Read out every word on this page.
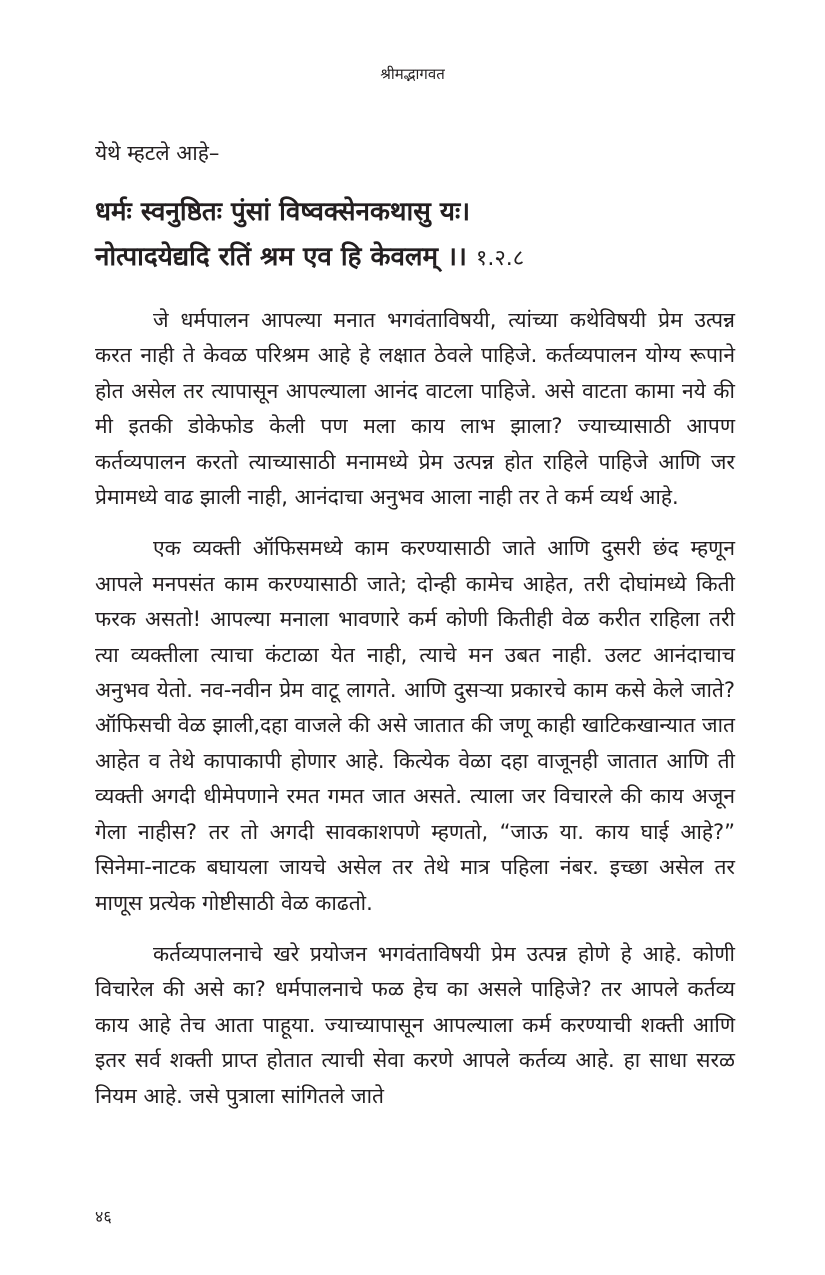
श्रीमद्भागवत

येथे म्हटले आहे–

धर्मः स्वनुष्ठितः पुंसां विष्वक्सेनकथासु यः।
नोत्पादयेद्यदि रतिं श्रम एव हि केवलम् ।। १.२.८

जे धर्मपालन आपल्या मनात भगवंताविषयी, त्यांच्या कथेविषयी प्रेम उत्पन्न करत नाही ते केवळ परिश्रम आहे हे लक्षात ठेवले पाहिजे. कर्तव्यपालन योग्य रूपाने होत असेल तर त्यापासून आपल्याला आनंद वाटला पाहिजे. असे वाटता कामा नये की मी इतकी डोकेफोड केली पण मला काय लाभ झाला? ज्याच्यासाठी आपण कर्तव्यपालन करतो त्याच्यासाठी मनामध्ये प्रेम उत्पन्न होत राहिले पाहिजे आणि जर प्रेमामध्ये वाढ झाली नाही, आनंदाचा अनुभव आला नाही तर ते कर्म व्यर्थ आहे.

एक व्यक्ती ऑफिसमध्ये काम करण्यासाठी जाते आणि दुसरी छंद म्हणून आपले मनपसंत काम करण्यासाठी जाते; दोन्ही कामेच आहेत, तरी दोघांमध्ये किती फरक असतो! आपल्या मनाला भावणारे कर्म कोणी कितीही वेळ करीत राहिला तरी त्या व्यक्तीला त्याचा कंटाळा येत नाही, त्याचे मन उबत नाही. उलट आनंदाचाच अनुभव येतो. नव-नवीन प्रेम वाटू लागते. आणि दुसऱ्या प्रकारचे काम कसे केले जाते? ऑफिसची वेळ झाली,दहा वाजले की असे जातात की जणू काही खाटिकखान्यात जात आहेत व तेथे कापाकापी होणार आहे. कित्येक वेळा दहा वाजूनही जातात आणि ती व्यक्ती अगदी धीमेपणाने रमत गमत जात असते. त्याला जर विचारले की काय अजून गेला नाहीस? तर तो अगदी सावकाशपणे म्हणतो, “जाऊ या. काय घाई आहे?” सिनेमा-नाटक बघायला जायचे असेल तर तेथे मात्र पहिला नंबर. इच्छा असेल तर माणूस प्रत्येक गोष्टीसाठी वेळ काढतो.

कर्तव्यपालनाचे खरे प्रयोजन भगवंताविषयी प्रेम उत्पन्न होणे हे आहे. कोणी विचारेल की असे का? धर्मपालनाचे फळ हेच का असले पाहिजे? तर आपले कर्तव्य काय आहे तेच आता पाहूया. ज्याच्यापासून आपल्याला कर्म करण्याची शक्ती आणि इतर सर्व शक्ती प्राप्त होतात त्याची सेवा करणे आपले कर्तव्य आहे. हा साधा सरळ नियम आहे. जसे पुत्राला सांगितले जाते

४६
